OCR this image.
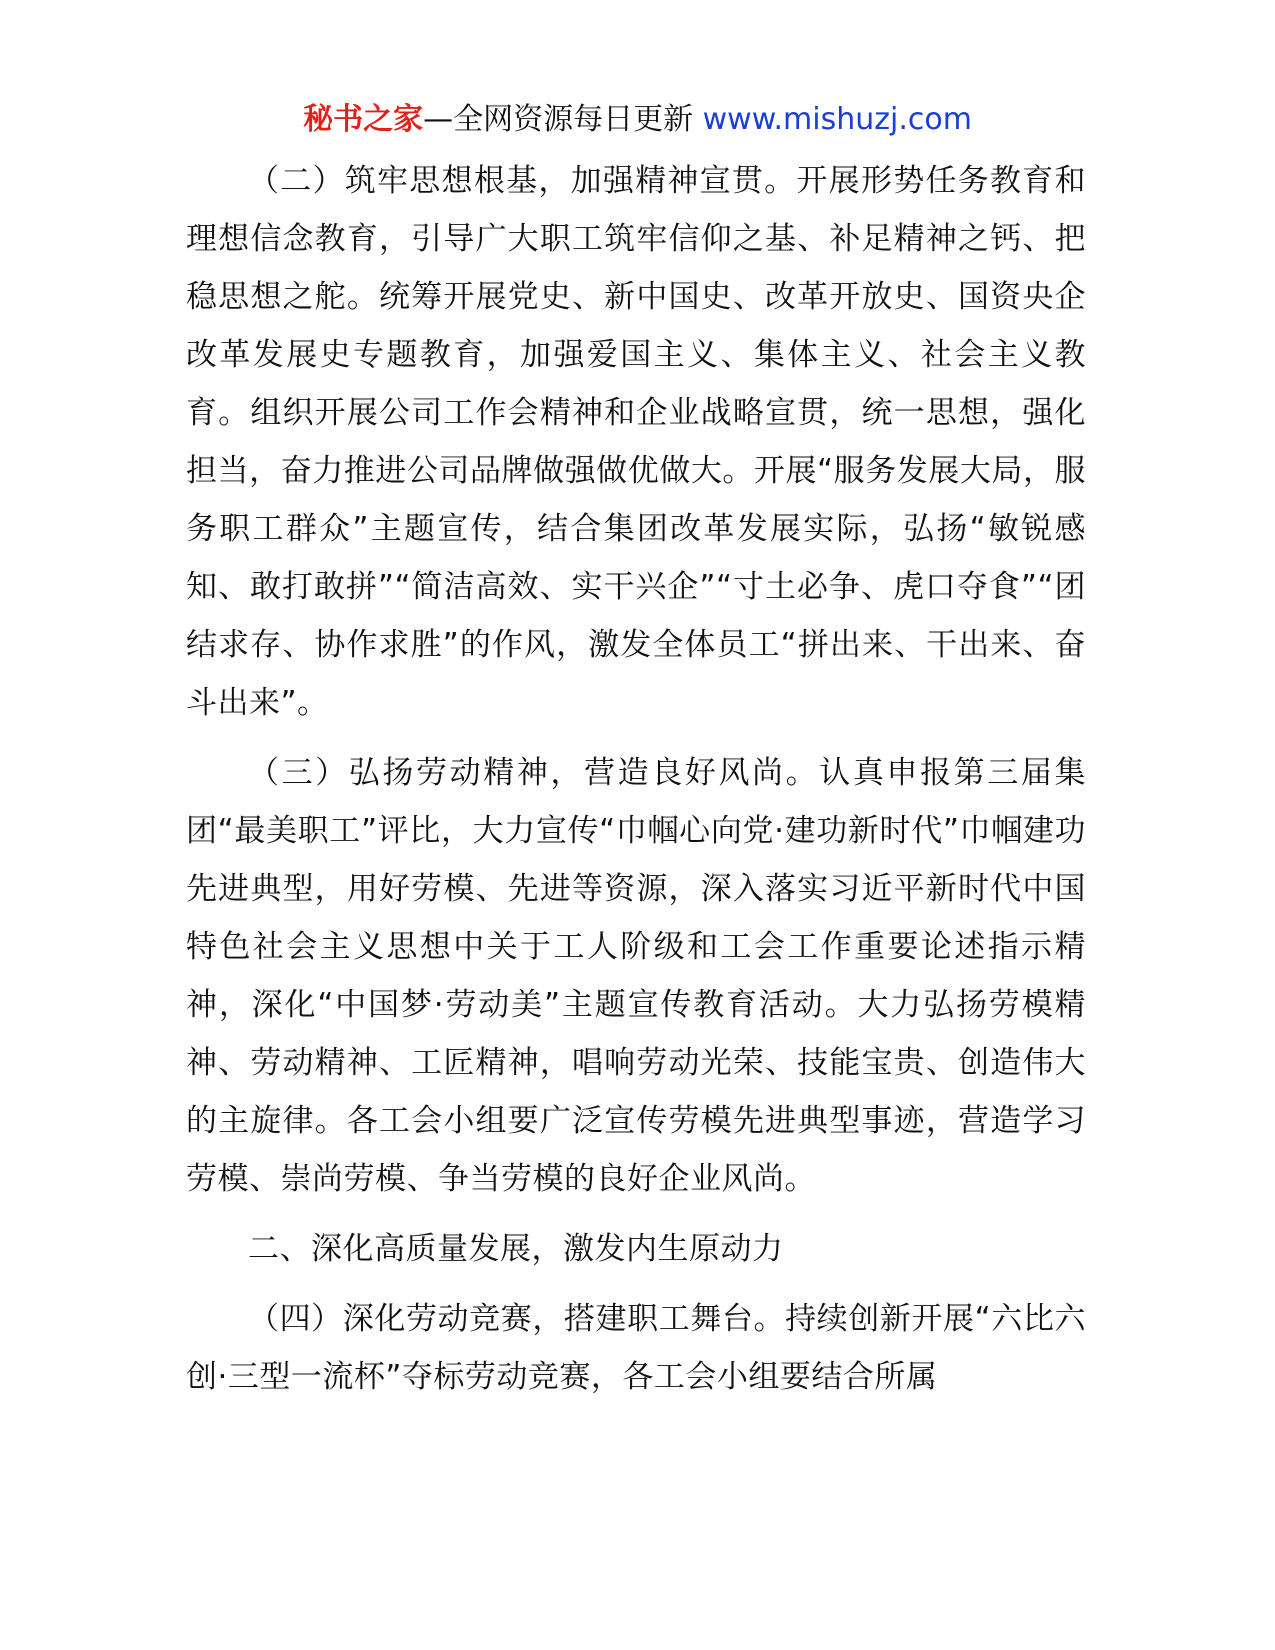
秘书之家—全网资源每日更新 www.mishuzj.com

（二）筑牢思想根基，加强精神宣贯。开展形势任务教育和理想信念教育，引导广大职工筑牢信仰之基、补足精神之钙、把稳思想之舵。统筹开展党史、新中国史、改革开放史、国资央企改革发展史专题教育，加强爱国主义、集体主义、社会主义教育。组织开展公司工作会精神和企业战略宣贯，统一思想，强化担当，奋力推进公司品牌做强做优做大。开展“服务发展大局，服务职工群众”主题宣传，结合集团改革发展实际，弘扬“敏锐感知、敢打敢拼”“简洁高效、实干兴企”“寸土必争、虎口夺食”“团结求存、协作求胜”的作风，激发全体员工“拼出来、干出来、奋斗出来”。

（三）弘扬劳动精神，营造良好风尚。认真申报第三届集团“最美职工”评比，大力宣传“巾帼心向党·建功新时代”巾帼建功先进典型，用好劳模、先进等资源，深入落实习近平新时代中国特色社会主义思想中关于工人阶级和工会工作重要论述指示精神，深化“中国梦·劳动美”主题宣传教育活动。大力弘扬劳模精神、劳动精神、工匠精神，唱响劳动光荣、技能宝贵、创造伟大的主旋律。各工会小组要广泛宣传劳模先进典型事迹，营造学习劳模、崇尚劳模、争当劳模的良好企业风尚。

二、深化高质量发展，激发内生原动力

（四）深化劳动竞赛，搭建职工舞台。持续创新开展“六比六创·三型一流杯”夺标劳动竞赛，各工会小组要结合所属
